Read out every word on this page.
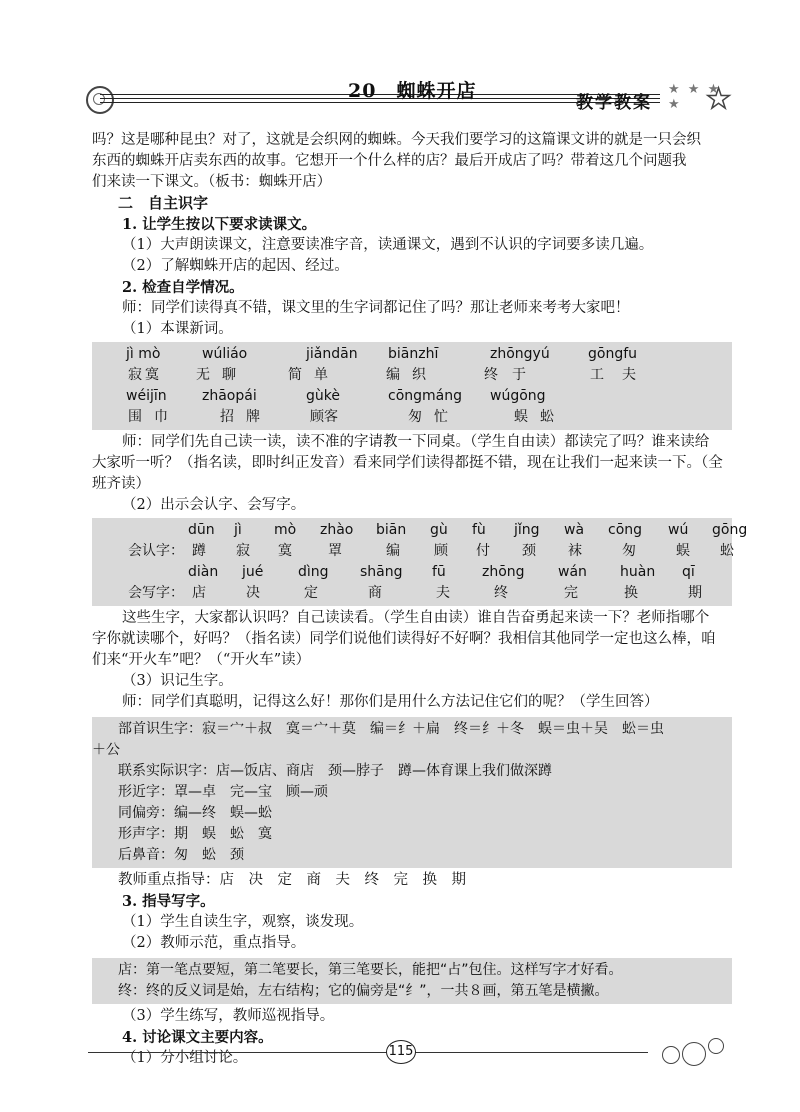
20　蜘蛛开店
教学教案
★ ★ ★ ★ ★

吗？这是哪种昆虫？对了，这就是会织网的蜘蛛。今天我们要学习的这篇课文讲的就是一只会织

东西的蜘蛛开店卖东西的故事。它想开一个什么样的店？最后开成店了吗？带着这几个问题我

们来读一下课文。（板书：蜘蛛开店）

二　自主识字

1. 让学生按以下要求读课文。

（1）大声朗读课文，注意要读准字音，读通课文，遇到不认识的字词要多读几遍。

（2）了解蜘蛛开店的起因、经过。

2. 检查自学情况。

师：同学们读得真不错，课文里的生字词都记住了吗？那让老师来考考大家吧！

（1）本课新词。

jì mò	wúliáo	jiǎndān	biānzhī	zhōngyú	gōngfu
寂寞	无聊	简单	编织	终于	工夫
wéijīn	zhāopái	gùkè	cōngmáng	wúgōng
围巾	招牌	顾客	匆忙	蜈蚣

师：同学们先自己读一读，读不准的字请教一下同桌。（学生自由读）都读完了吗？谁来读给

大家听一听？（指名读，即时纠正发音）看来同学们读得都挺不错，现在让我们一起来读一下。（全

班齐读）

（2）出示会认字、会写字。

dūn	jì	mò	zhào	biān	gù	fù	jǐng	wà	cōng	wú	gōng
会认字： 蹲	寂	寞	罩	编	顾	付	颈	袜	匆	蜈	蚣
diàn	jué	dìng	shāng	fū	zhōng	wán	huàn	qī
会写字： 店	决	定	商	夫	终	完	换	期

这些生字，大家都认识吗？自己读读看。（学生自由读）谁自告奋勇起来读一下？老师指哪个

字你就读哪个，好吗？（指名读）同学们说他们读得好不好啊？我相信其他同学一定也这么棒，咱

们来“开火车”吧？（“开火车”读）

（3）识记生字。

师：同学们真聪明，记得这么好！那你们是用什么方法记住它们的呢？（学生回答）

部首识生字：寂＝宀＋叔　寞＝宀＋莫　编＝纟＋扁　终＝纟＋冬　蜈＝虫＋吴　蚣＝虫
＋公
联系实际识字：店—饭店、商店　颈—脖子　蹲—体育课上我们做深蹲
形近字：罩—卓　完—宝　顾—顽
同偏旁：编—终　蜈—蚣
形声字：期　蜈　蚣　寞
后鼻音：匆　蚣　颈

教师重点指导：店　决　定　商　夫　终　完　换　期

3. 指导写字。

（1）学生自读生字，观察，谈发现。

（2）教师示范，重点指导。

店：第一笔点要短，第二笔要长，第三笔要长，能把“占”包住。这样写字才好看。
终：终的反义词是始，左右结构；它的偏旁是“纟”，一共８画，第五笔是横撇。

（3）学生练写，教师巡视指导。

4. 讨论课文主要内容。

（1）分小组讨论。	115
